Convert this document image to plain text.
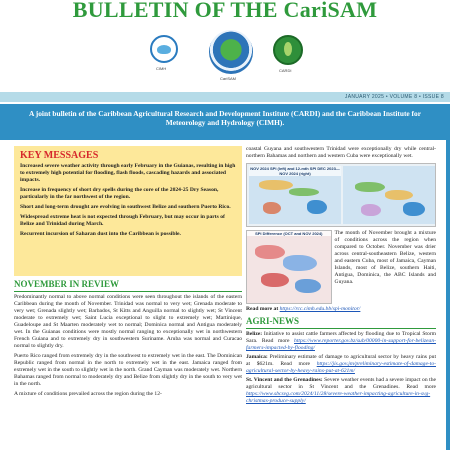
BULLETIN OF THE CariSAM
CIMH
CariSAM
CARDI
JANUARY 2025 • VOLUME 8 • ISSUE 8
A joint bulletin of the Caribbean Agricultural Research and Development Institute (CARDI) and the Caribbean Institute for Meteorology and Hydrology (CIMH).
KEY MESSAGES
Increased severe weather activity through early February in the Guianas, resulting in high to extremely high potential for flooding, flash floods, cascading hazards and associated impacts.
Increase in frequency of short dry spells during the core of the 2024-25 Dry Season, particularly in the far northwest of the region.
Short and long-term drought are evolving in southwest Belize and southern Puerto Rico.
Widespread extreme heat is not expected through February, but may occur in parts of Belize and Trinidad during March.
Recurrent incursion of Saharan dust into the Caribbean is possible.
NOVEMBER IN REVIEW
Predominantly normal to above normal conditions were seen throughout the islands of the eastern Caribbean during the month of November. Trinidad was normal to very wet; Grenada moderate to very wet; Grenada slightly wet; Barbados, St Kitts and Anguilla normal to slightly wet; St Vincent moderate to extremely wet; Saint Lucia exceptional to slight to extremely wet; Martinique, Guadeloupe and St Maarten moderately wet to normal; Dominica normal and Antigua moderately wet. In the Guianas conditions were mostly normal ranging to exceptionally wet in northwestern French Guiana and to extremely dry in southwestern Suriname. Aruba was normal and Curacao normal to slightly dry.
Puerto Rico ranged from extremely dry in the southwest to extremely wet in the east. The Dominican Republic ranged from normal in the north to extremely wet in the east. Jamaica ranged from extremely wet in the south to slightly wet in the north. Grand Cayman was moderately wet. Northern Bahamas ranged from normal to moderately dry and Belize from slightly dry in the south to very wet in the north.
A mixture of conditions prevailed across the region during the 12-
coastal Guyana and southwestern Trinidad were exceptionally dry while central-northern Bahamas and northern and western Cuba were exceptionally wet.
NOV 2024 SPI (left) and 12-mth SPI DEC 2023—NOV 2024 (right)
SPI Difference (OCT and NOV 2024)	The month of November brought a mixture of conditions across the region when compared to October. November was drier across central-southeastern Belize, western and eastern Cuba, most of Jamaica, Cayman Islands, most of Belize, southern Haiti, Antigua, Dominica, the ABC Islands and Guyana.
Read more at https://rcc.cimh.edu.bb/spi-monitor/
AGRI-NEWS
Belize: Initiative to assist cattle farmers affected by flooding due to Tropical Storm Sara. Read more https://www.reporter.gov.bz/sub/00000-in-support-for-belizean-farmers-impacted-by-flooding/
Jamaica: Preliminary estimate of damage to agricultural sector by heavy rains put at $621m. Read more https://jis.gov.jm/preliminary-estimate-of-damage-to-agricultural-sector-by-heavy-rains-put-at-621m/
St. Vincent and the Grenadines: Severe weather events had a severe impact on the agricultural sector in St Vincent and the Grenadines. Read more https://www.sbcsvg.com/2024/11/28/severe-weather-impacting-agriculture-in-svg-christmas-produce-supply/
